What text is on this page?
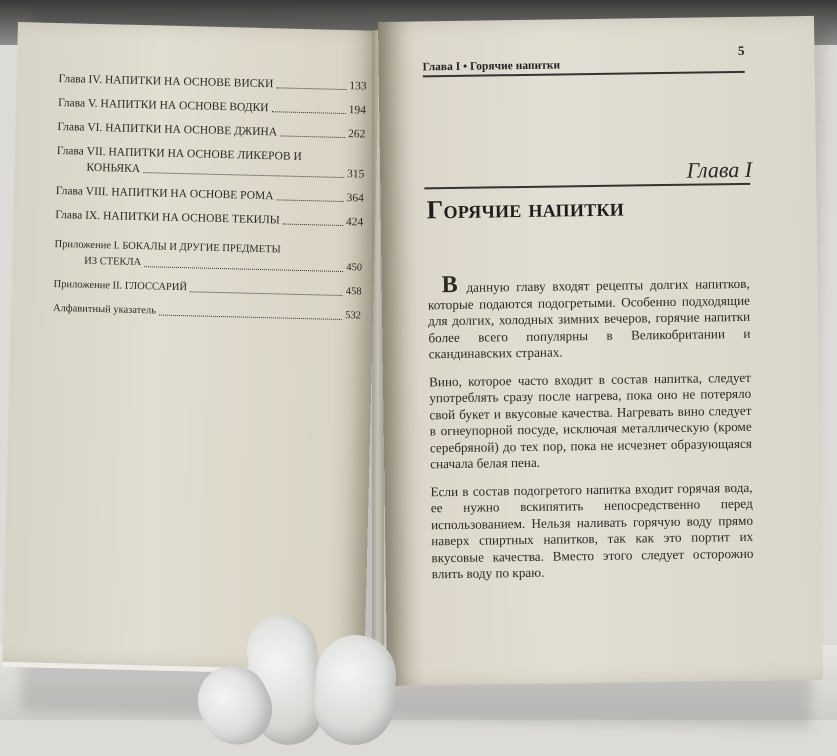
Глава IV. НАПИТКИ НА ОСНОВЕ ВИСКИ	133
Глава V. НАПИТКИ НА ОСНОВЕ ВОДКИ	194
Глава VI. НАПИТКИ НА ОСНОВЕ ДЖИНА	262
Глава VII. НАПИТКИ НА ОСНОВЕ ЛИКЕРОВ И
КОНЬЯКА	315
Глава VIII. НАПИТКИ НА ОСНОВЕ РОМА	364
Глава IX. НАПИТКИ НА ОСНОВЕ ТЕКИЛЫ	424
Приложение I. БОКАЛЫ И ДРУГИЕ ПРЕДМЕТЫ
ИЗ СТЕКЛА	450
Приложение II. ГЛОССАРИЙ	458
Алфавитный указатель	532
Глава I • Горячие напитки
5
Глава I
Горячие напитки

В данную главу входят рецепты долгих напитков, которые подаются подогретыми. Особенно подходящие для долгих, холодных зимних вечеров, горячие напитки более всего популярны в Великобритании и скандинавских странах.

Вино, которое часто входит в состав напитка, следует употреблять сразу после нагрева, пока оно не потеряло свой букет и вкусовые качества. Нагревать вино следует в огнеупорной посуде, исключая металлическую (кроме серебряной) до тех пор, пока не исчезнет образующаяся сначала белая пена.

Если в состав подогретого напитка входит горячая вода, ее нужно вскипятить непосредственно перед использованием. Нельзя наливать горячую воду прямо наверх спиртных напитков, так как это портит их вкусовые качества. Вместо этого следует осторожно влить воду по краю.
